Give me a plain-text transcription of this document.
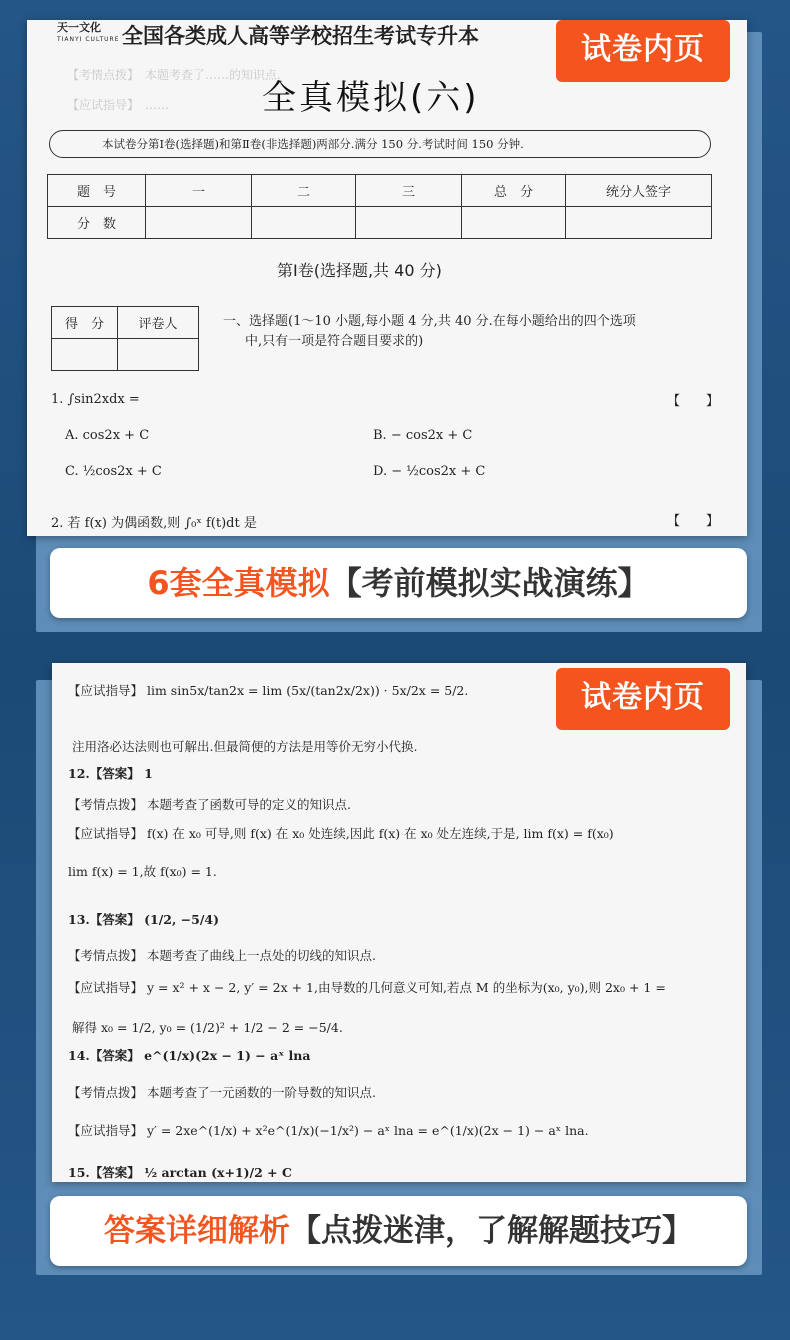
天一文化
TIANYI CULTURE 全国各类成人高等学校招生考试专升本
【考情点拨】　本题考查了……的知识点.
【应试指导】　……	全真模拟(六)
本试卷分第Ⅰ卷(选择题)和第Ⅱ卷(非选择题)两部分.满分 150 分.考试时间 150 分钟.
题　号	一	二	三	总　分	统分人签字
分　数					
第Ⅰ卷(选择题,共 40 分)
得　分	评卷人
		一、选择题(1～10 小题,每小题 4 分,共 40 分.在每小题给出的四个选项
中,只有一项是符合题目要求的)
1. ∫sin2xdx =	【　　】
A. cos2x + C	B. − cos2x + C
C. ½cos2x + C	D. − ½cos2x + C
2. 若 f(x) 为偶函数,则 ∫₀ˣ f(t)dt 是	【　　】
试卷内页
6套全真模拟【考前模拟实战演练】
【应试指导】 lim sin5x/tan2x = lim (5x/(tan2x/2x)) · 5x/2x = 5/2.
注用洛必达法则也可解出.但最简便的方法是用等价无穷小代换.
12.【答案】 1
【考情点拨】 本题考查了函数可导的定义的知识点.
【应试指导】 f(x) 在 x₀ 可导,则 f(x) 在 x₀ 处连续,因此 f(x) 在 x₀ 处左连续,于是, lim f(x) = f(x₀)
lim f(x) = 1,故 f(x₀) = 1.
13.【答案】 (1/2, −5/4)
【考情点拨】 本题考查了曲线上一点处的切线的知识点.
【应试指导】 y = x² + x − 2, y′ = 2x + 1,由导数的几何意义可知,若点 M 的坐标为(x₀, y₀),则 2x₀ + 1 =
解得 x₀ = 1/2, y₀ = (1/2)² + 1/2 − 2 = −5/4.
14.【答案】 e^(1/x)(2x − 1) − aˣ lna
【考情点拨】 本题考查了一元函数的一阶导数的知识点.
【应试指导】 y′ = 2xe^(1/x) + x²e^(1/x)(−1/x²) − aˣ lna = e^(1/x)(2x − 1) − aˣ lna.
15.【答案】 ½ arctan (x+1)/2 + C
试卷内页
答案详细解析【点拨迷津，了解解题技巧】
